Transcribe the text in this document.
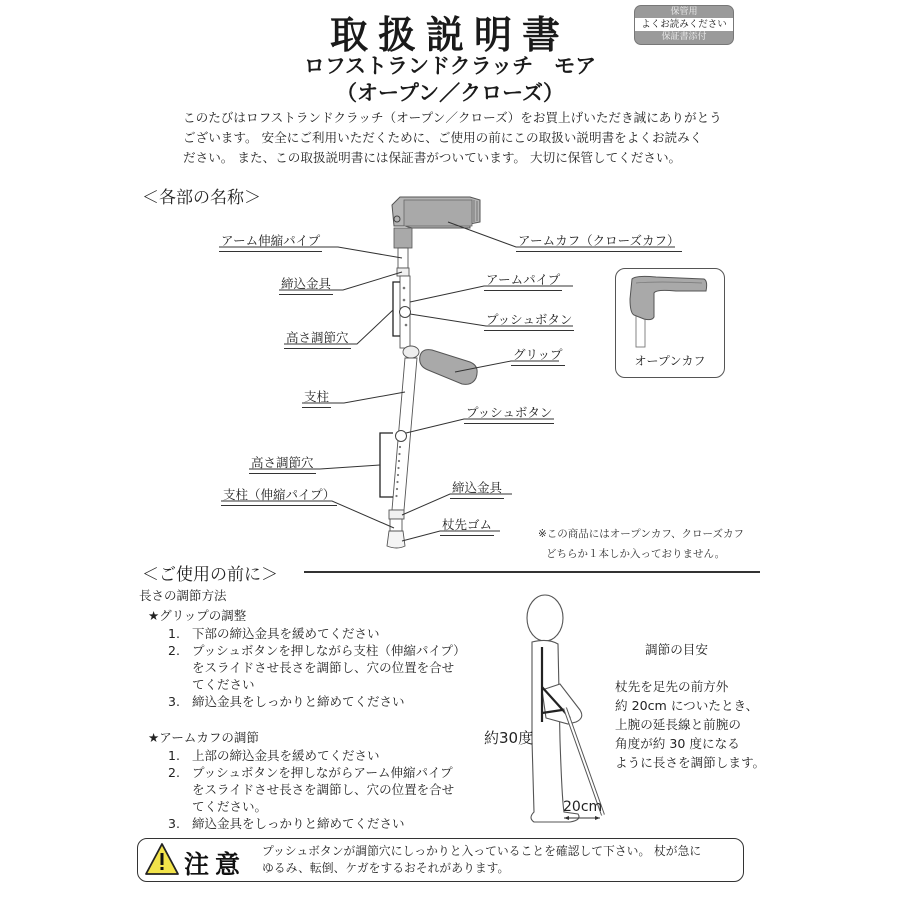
取扱説明書
ロフストランドクラッチ　モア
（オープン／クローズ）
保管用
よくお読みください
保証書添付
このたびはロフストランドクラッチ（オープン／クローズ）をお買上げいただき誠にありがとう
ございます。 安全にご利用いただくために、ご使用の前にこの取扱い説明書をよくお読みく
ださい。 また、この取扱説明書には保証書がついています。 大切に保管してください。
＜各部の名称＞
アーム伸縮パイプ
締込金具
高さ調節穴
支柱
高さ調節穴
支柱（伸縮パイプ）
アームカフ（クローズカフ）
アームパイプ
プッシュボタン
グリップ
プッシュボタン
締込金具
杖先ゴム
オープンカフ
※この商品にはオープンカフ、クローズカフ
どちらか１本しか入っておりません。
＜ご使用の前に＞
長さの調節方法
★グリップの調整
1. 下部の締込金具を緩めてください
2. プッシュボタンを押しながら支柱（伸縮パイプ）
をスライドさせ長さを調節し、穴の位置を合せ
てください
3. 締込金具をしっかりと締めてください
★アームカフの調節
1. 上部の締込金具を緩めてください
2. プッシュボタンを押しながらアーム伸縮パイプ
をスライドさせ長さを調節し、穴の位置を合せ
てください。
3. 締込金具をしっかりと締めてください
約30度
20cm
調節の目安
杖先を足先の前方外
約 20cm についたとき、
上腕の延長線と前腕の
角度が約 30 度になる
ように長さを調節します。
注意 プッシュボタンが調節穴にしっかりと入っていることを確認して下さい。 杖が急に
ゆるみ、転倒、ケガをするおそれがあります。
